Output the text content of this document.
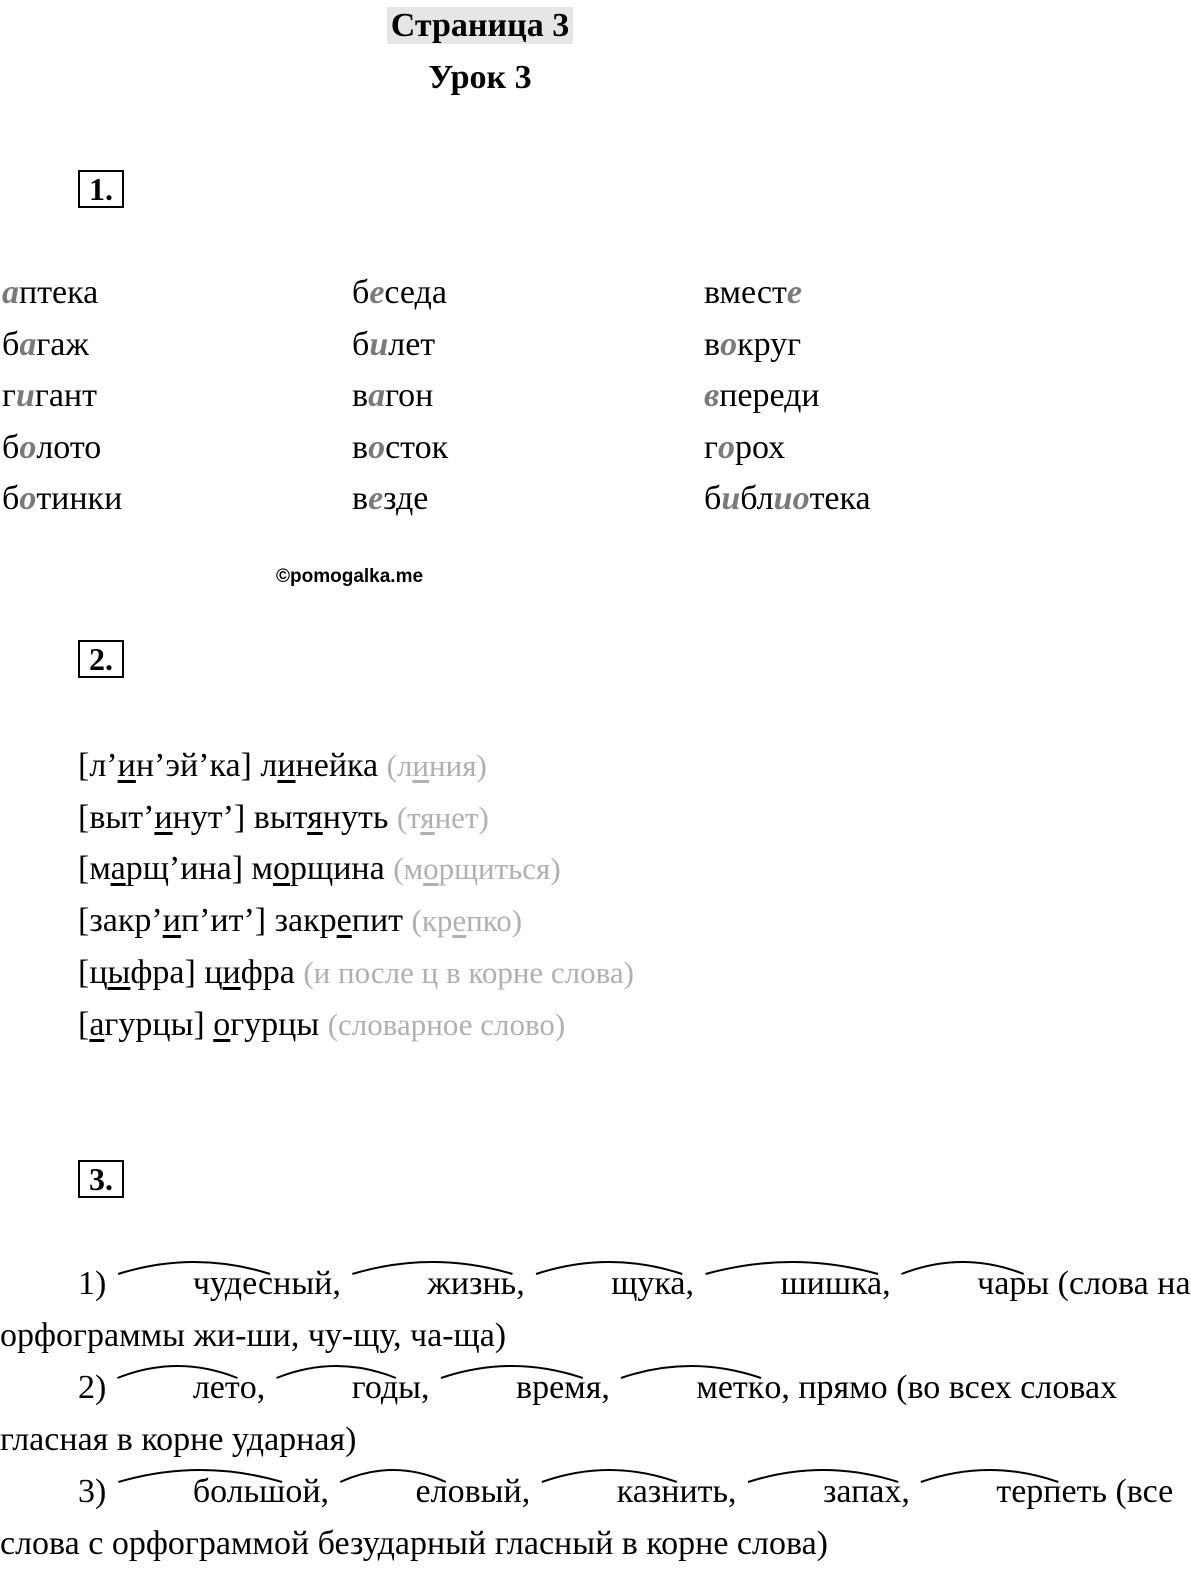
Страница 3
Урок 3
1.
аптека
багаж
гигант
болото
ботинки
беседа
билет
вагон
восток
везде
вместе
вокруг
впереди
горох
библиотека
©pomogalka.me
2.
[л’ин’эй’ка] линейка (линия)
[выт’инут’] вытянуть (тянет)
[марщ’ина] морщина (морщиться)
[закр’ип’ит’] закрепит (крепко)
[цыфра] цифра (и после ц в корне слова)
[агурцы] огурцы (словарное слово)
3.
1) чудес
ный, жизнь
, щука
, шишка
, чар
ы (слова на
орфограммы жи-ши, чу-щу, ча-ща)
2) лет
о, год
ы, врем
я, метк
о, прямо (во всех словах
гласная в корне ударная)
3) больш
ой, ел
овый, казн
ить, запах
, терп
еть (все
слова с орфограммой безударный гласный в корне слова)
